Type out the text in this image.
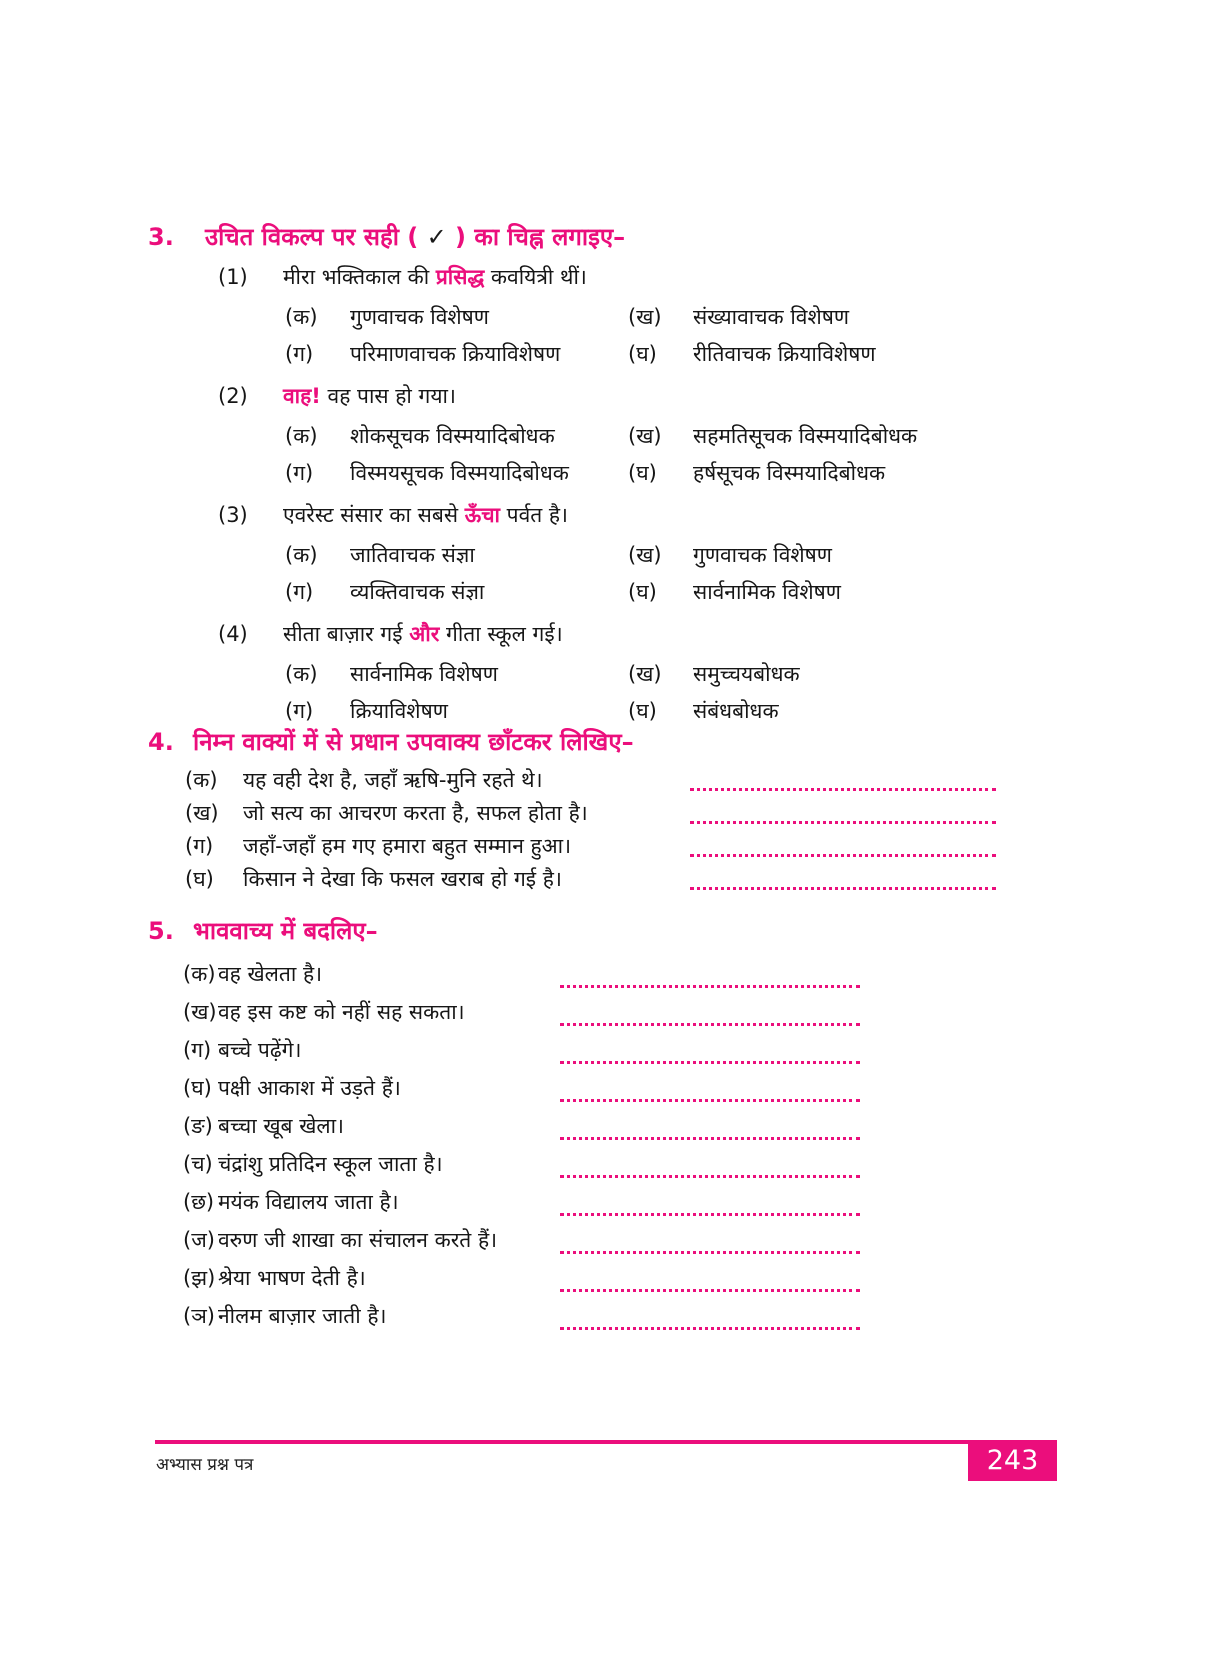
3.	उचित विकल्प पर सही ( ✓ ) का चिह्न लगाइए–
(1)	मीरा भक्तिकाल की प्रसिद्ध कवयित्री थीं।
(क) गुणवाचक विशेषण	(ख) संख्यावाचक विशेषण
(ग) परिमाणवाचक क्रियाविशेषण	(घ) रीतिवाचक क्रियाविशेषण
(2)	वाह! वह पास हो गया।
(क) शोकसूचक विस्मयादिबोधक	(ख) सहमतिसूचक विस्मयादिबोधक
(ग) विस्मयसूचक विस्मयादिबोधक	(घ) हर्षसूचक विस्मयादिबोधक
(3)	एवरेस्ट संसार का सबसे ऊँचा पर्वत है।
(क) जातिवाचक संज्ञा	(ख) गुणवाचक विशेषण
(ग) व्यक्तिवाचक संज्ञा	(घ) सार्वनामिक विशेषण
(4)	सीता बाज़ार गई और गीता स्कूल गई।
(क) सार्वनामिक विशेषण	(ख) समुच्चयबोधक
(ग) क्रियाविशेषण	(घ) संबंधबोधक
4. निम्न वाक्यों में से प्रधान उपवाक्य छाँटकर लिखिए–
(क) यह वही देश है, जहाँ ऋषि-मुनि रहते थे।
(ख) जो सत्य का आचरण करता है, सफल होता है।
(ग) जहाँ-जहाँ हम गए हमारा बहुत सम्मान हुआ।
(घ) किसान ने देखा कि फसल खराब हो गई है।
5. भाववाच्य में बदलिए–
(क) वह खेलता है।
(ख) वह इस कष्ट को नहीं सह सकता।
(ग) बच्चे पढ़ेंगे।
(घ) पक्षी आकाश में उड़ते हैं।
(ङ) बच्चा खूब खेला।
(च) चंद्रांशु प्रतिदिन स्कूल जाता है।
(छ) मयंक विद्यालय जाता है।
(ज) वरुण जी शाखा का संचालन करते हैं।
(झ) श्रेया भाषण देती है।
(ञ) नीलम बाज़ार जाती है।
243
अभ्यास प्रश्न पत्र
